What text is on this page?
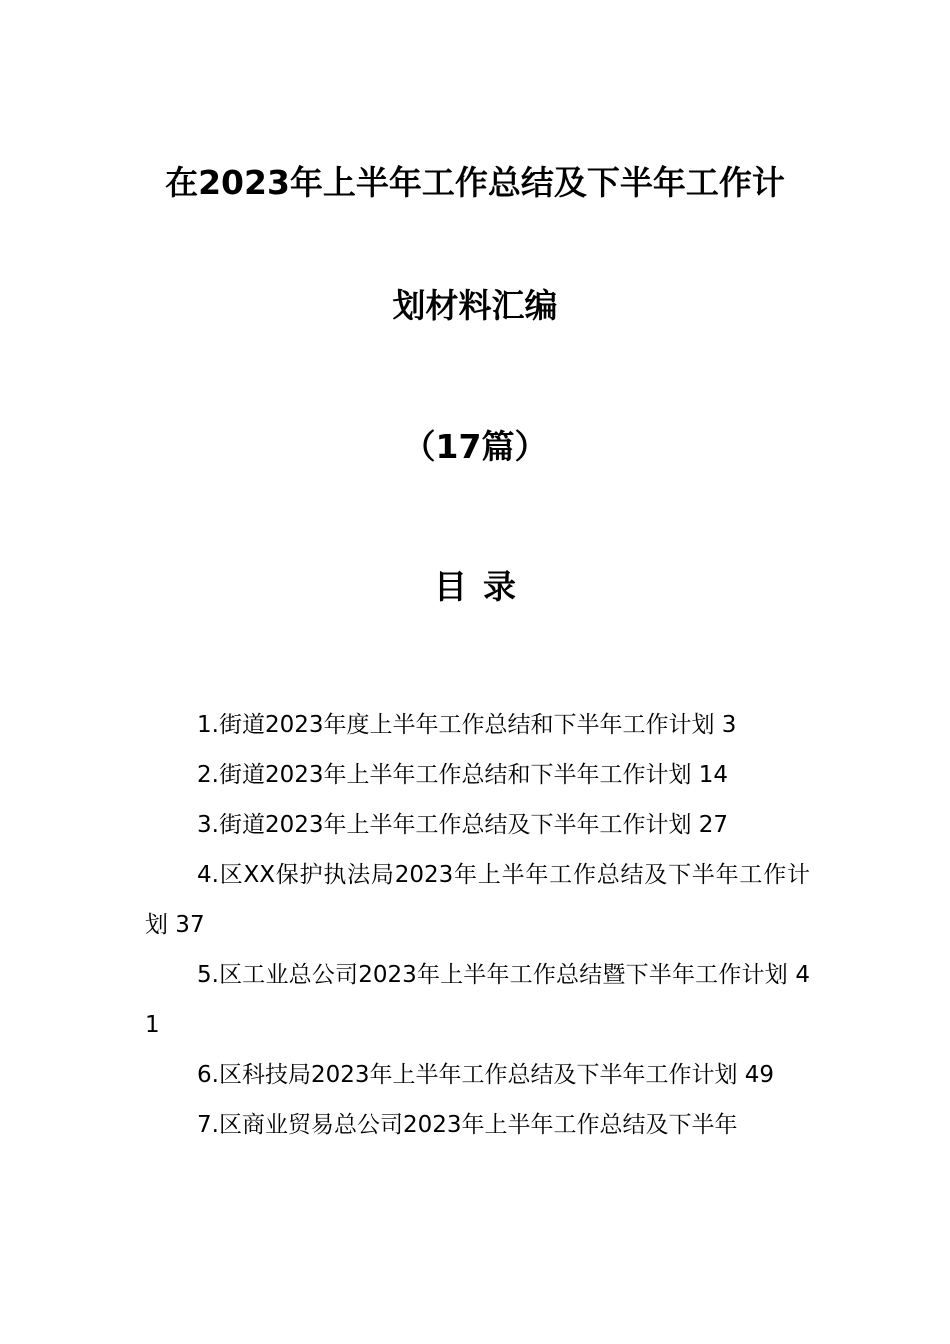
在2023年上半年工作总结及下半年工作计
划材料汇编
（17篇）
目录
1.街道2023年度上半年工作总结和下半年工作计划 3
2.街道2023年上半年工作总结和下半年工作计划 14
3.街道2023年上半年工作总结及下半年工作计划 27
4.区XX保护执法局2023年上半年工作总结及下半年工作计划 37
5.区工业总公司2023年上半年工作总结暨下半年工作计划 41
6.区科技局2023年上半年工作总结及下半年工作计划 49
7.区商业贸易总公司2023年上半年工作总结及下半年
